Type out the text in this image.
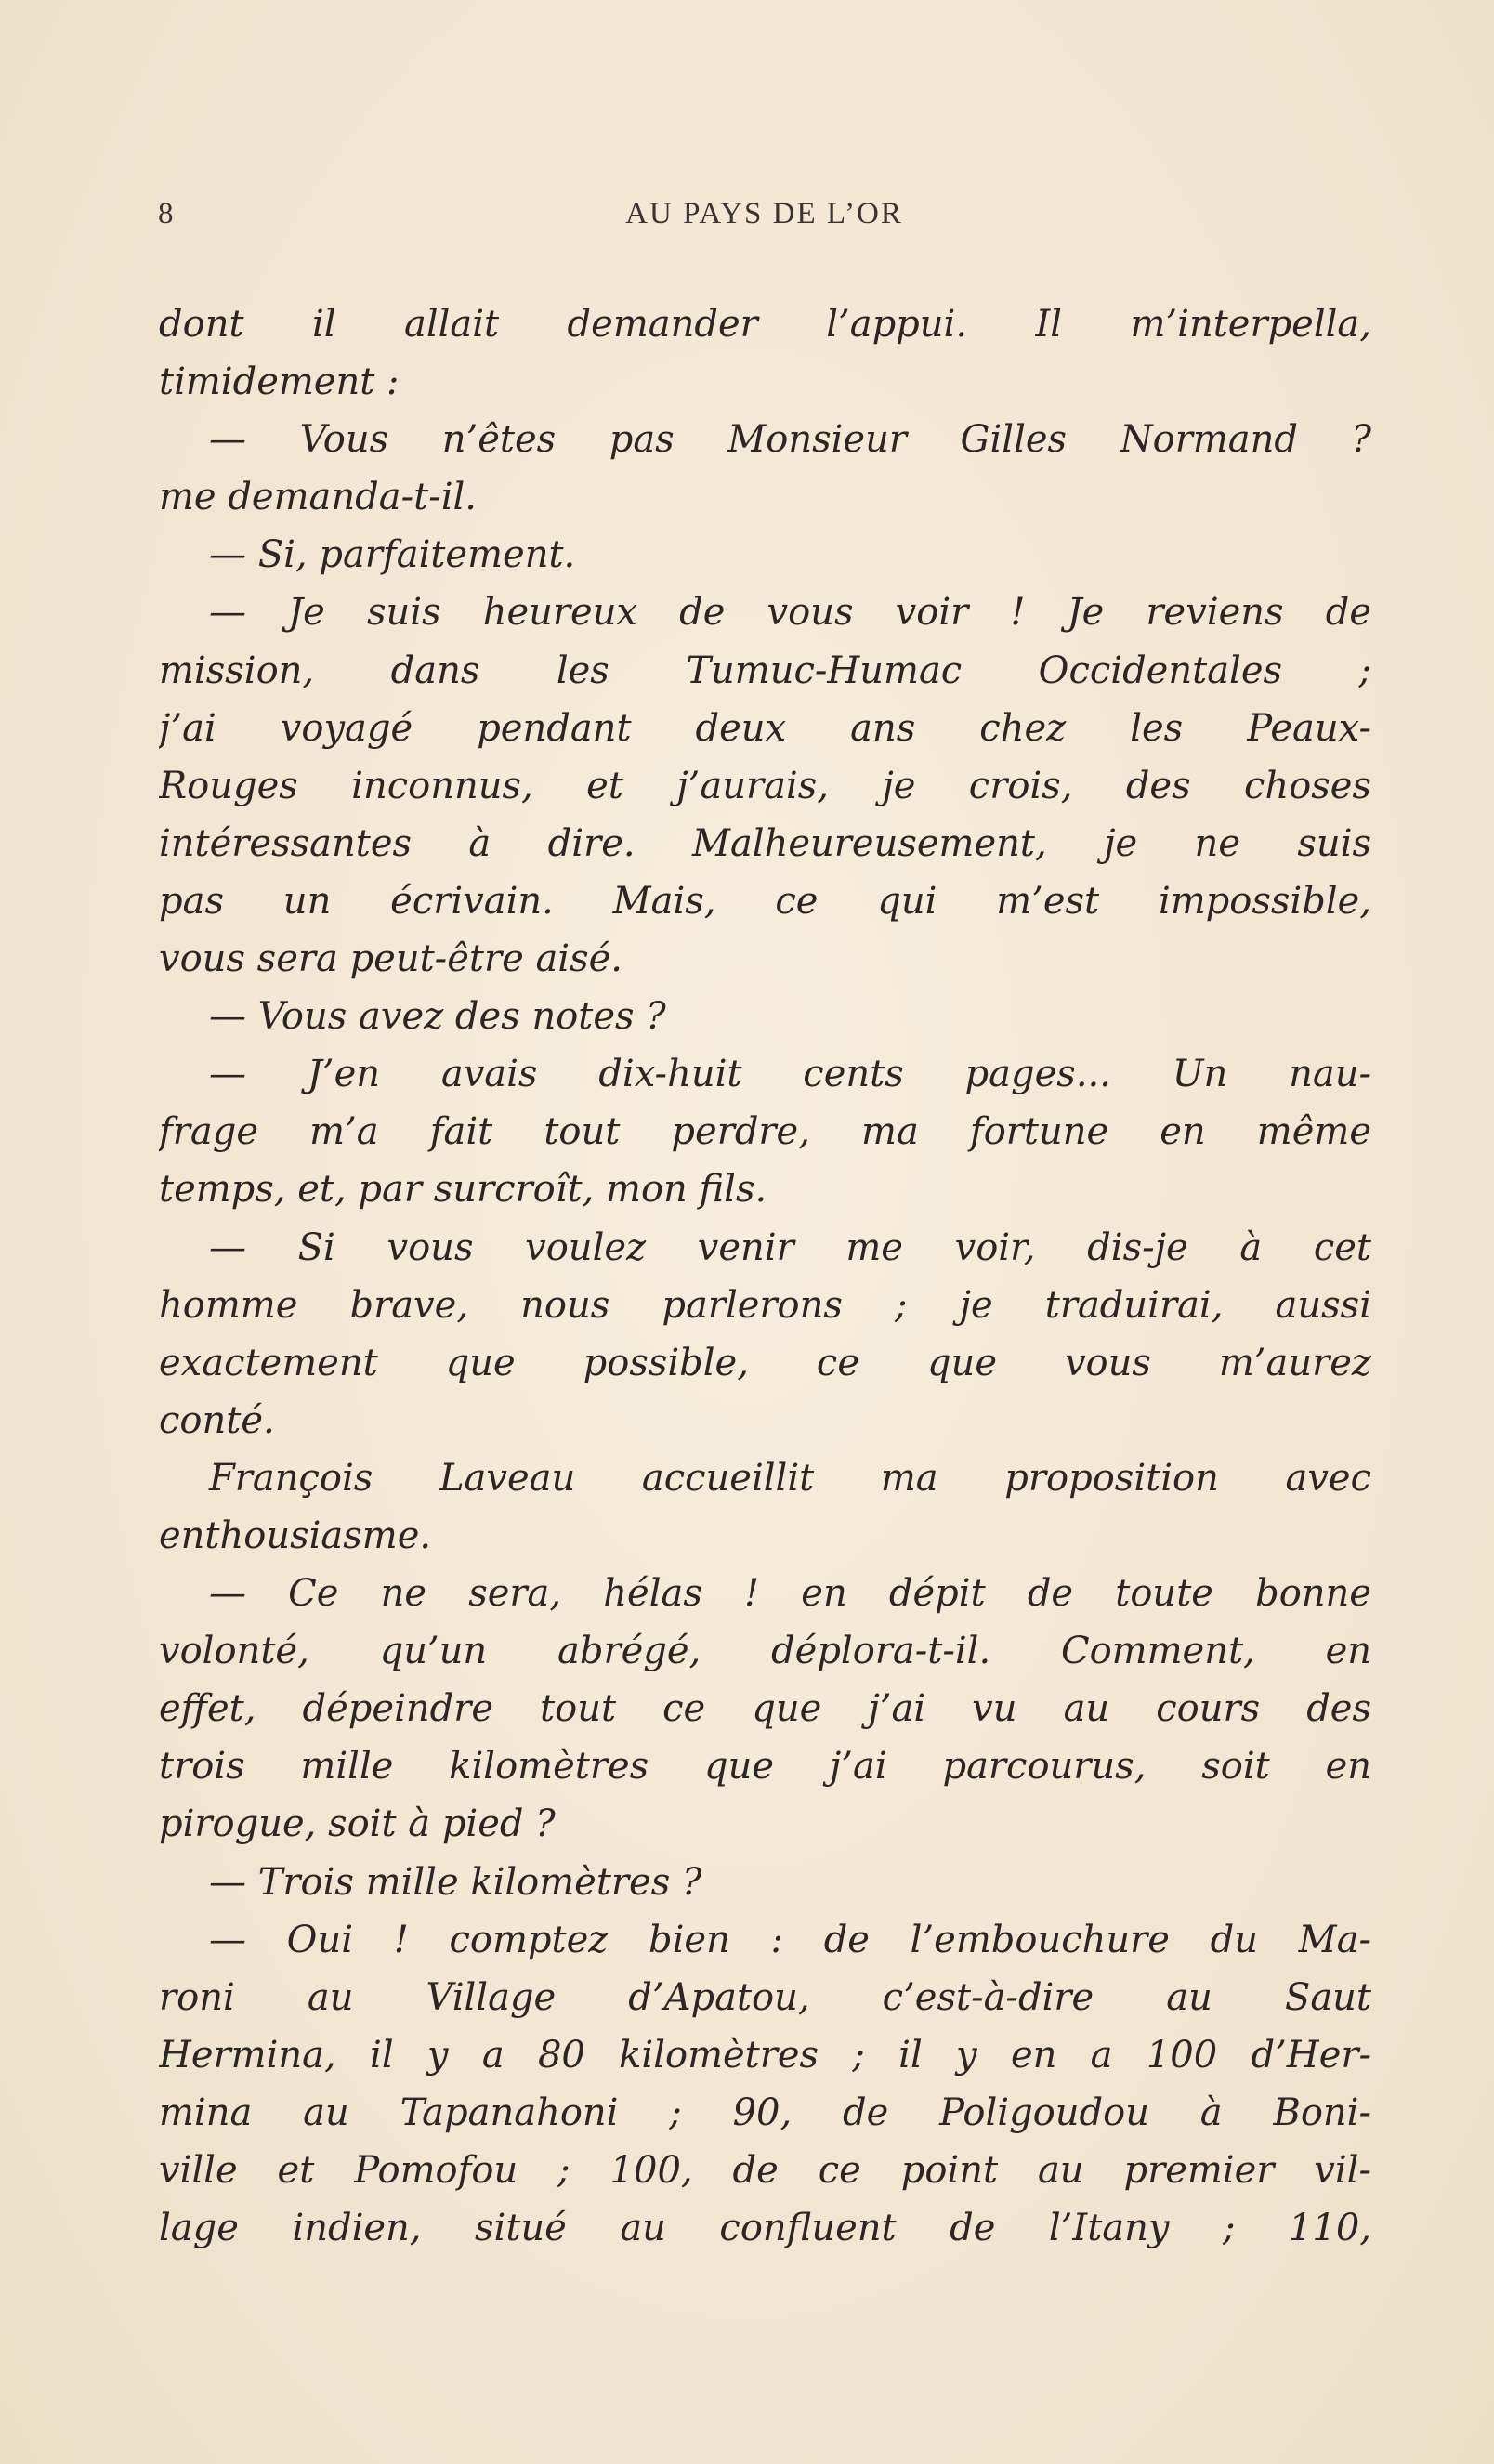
8	AU PAYS DE L’OR
dont il allait demander l’appui. Il m’interpella,
timidement :
— Vous n’êtes pas Monsieur Gilles Normand ?
me demanda-t-il.
— Si, parfaitement.
— Je suis heureux de vous voir ! Je reviens de
mission, dans les Tumuc-Humac Occidentales ;
j’ai voyagé pendant deux ans chez les Peaux-
Rouges inconnus, et j’aurais, je crois, des choses
intéressantes à dire. Malheureusement, je ne suis
pas un écrivain. Mais, ce qui m’est impossible,
vous sera peut-être aisé.
— Vous avez des notes ?
— J’en avais dix-huit cents pages... Un nau-
frage m’a fait tout perdre, ma fortune en même
temps, et, par surcroît, mon fils.
— Si vous voulez venir me voir, dis-je à cet
homme brave, nous parlerons ; je traduirai, aussi
exactement que possible, ce que vous m’aurez
conté.
François Laveau accueillit ma proposition avec
enthousiasme.
— Ce ne sera, hélas ! en dépit de toute bonne
volonté, qu’un abrégé, déplora-t-il. Comment, en
effet, dépeindre tout ce que j’ai vu au cours des
trois mille kilomètres que j’ai parcourus, soit en
pirogue, soit à pied ?
— Trois mille kilomètres ?
— Oui ! comptez bien : de l’embouchure du Ma-
roni au Village d’Apatou, c’est-à-dire au Saut
Hermina, il y a 80 kilomètres ; il y en a 100 d’Her-
mina au Tapanahoni ; 90, de Poligoudou à Boni-
ville et Pomofou ; 100, de ce point au premier vil-
lage indien, situé au confluent de l’Itany ; 110,
